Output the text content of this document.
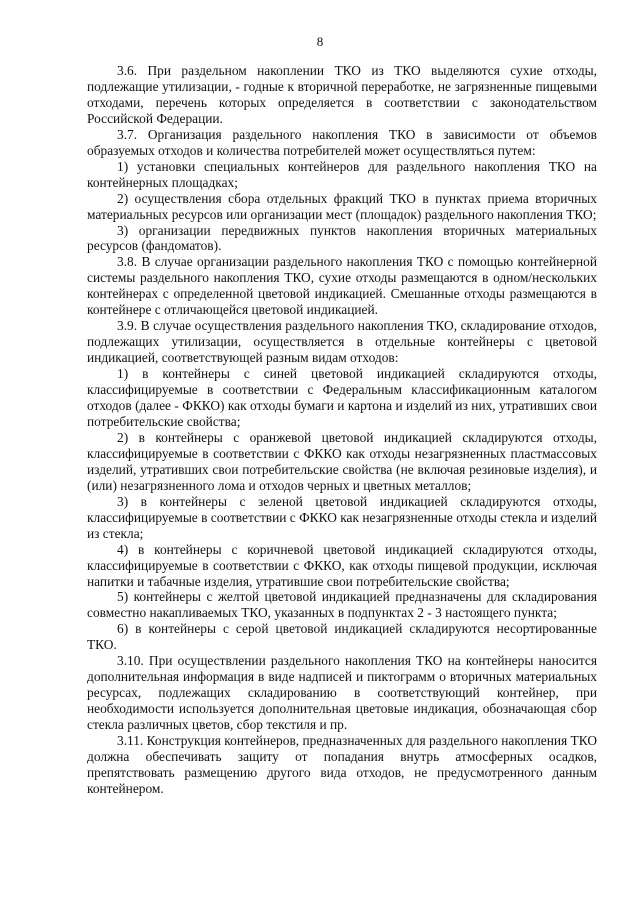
8

3.6. При раздельном накоплении ТКО из ТКО выделяются сухие отходы, подлежащие утилизации, - годные к вторичной переработке, не загрязненные пищевыми отходами, перечень которых определяется в соответствии с законодательством Российской Федерации.

3.7. Организация раздельного накопления ТКО в зависимости от объемов образуемых отходов и количества потребителей может осуществляться путем:

1) установки специальных контейнеров для раздельного накопления ТКО на контейнерных площадках;

2) осуществления сбора отдельных фракций ТКО в пунктах приема вторичных материальных ресурсов или организации мест (площадок) раздельного накопления ТКО;

3) организации передвижных пунктов накопления вторичных материальных ресурсов (фандоматов).

3.8. В случае организации раздельного накопления ТКО с помощью контейнерной системы раздельного накопления ТКО, сухие отходы размещаются в одном/нескольких контейнерах с определенной цветовой индикацией. Смешанные отходы размещаются в контейнере с отличающейся цветовой индикацией.

3.9. В случае осуществления раздельного накопления ТКО, складирование отходов, подлежащих утилизации, осуществляется в отдельные контейнеры с цветовой индикацией, соответствующей разным видам отходов:

1) в контейнеры с синей цветовой индикацией складируются отходы, классифицируемые в соответствии с Федеральным классификационным каталогом отходов (далее - ФККО) как отходы бумаги и картона и изделий из них, утративших свои потребительские свойства;

2) в контейнеры с оранжевой цветовой индикацией складируются отходы, классифицируемые в соответствии с ФККО как отходы незагрязненных пластмассовых изделий, утративших свои потребительские свойства (не включая резиновые изделия), и (или) незагрязненного лома и отходов черных и цветных металлов;

3) в контейнеры с зеленой цветовой индикацией складируются отходы, классифицируемые в соответствии с ФККО как незагрязненные отходы стекла и изделий из стекла;

4) в контейнеры с коричневой цветовой индикацией складируются отходы, классифицируемые в соответствии с ФККО, как отходы пищевой продукции, исключая напитки и табачные изделия, утратившие свои потребительские свойства;

5) контейнеры с желтой цветовой индикацией предназначены для складирования совместно накапливаемых ТКО, указанных в подпунктах 2 - 3 настоящего пункта;

6) в контейнеры с серой цветовой индикацией складируются несортированные ТКО.

3.10. При осуществлении раздельного накопления ТКО на контейнеры наносится дополнительная информация в виде надписей и пиктограмм о вторичных материальных ресурсах, подлежащих складированию в соответствующий контейнер, при необходимости используется дополнительная цветовые индикация, обозначающая сбор стекла различных цветов, сбор текстиля и пр.

3.11. Конструкция контейнеров, предназначенных для раздельного накопления ТКО должна обеспечивать защиту от попадания внутрь атмосферных осадков, препятствовать размещению другого вида отходов, не предусмотренного данным контейнером.
